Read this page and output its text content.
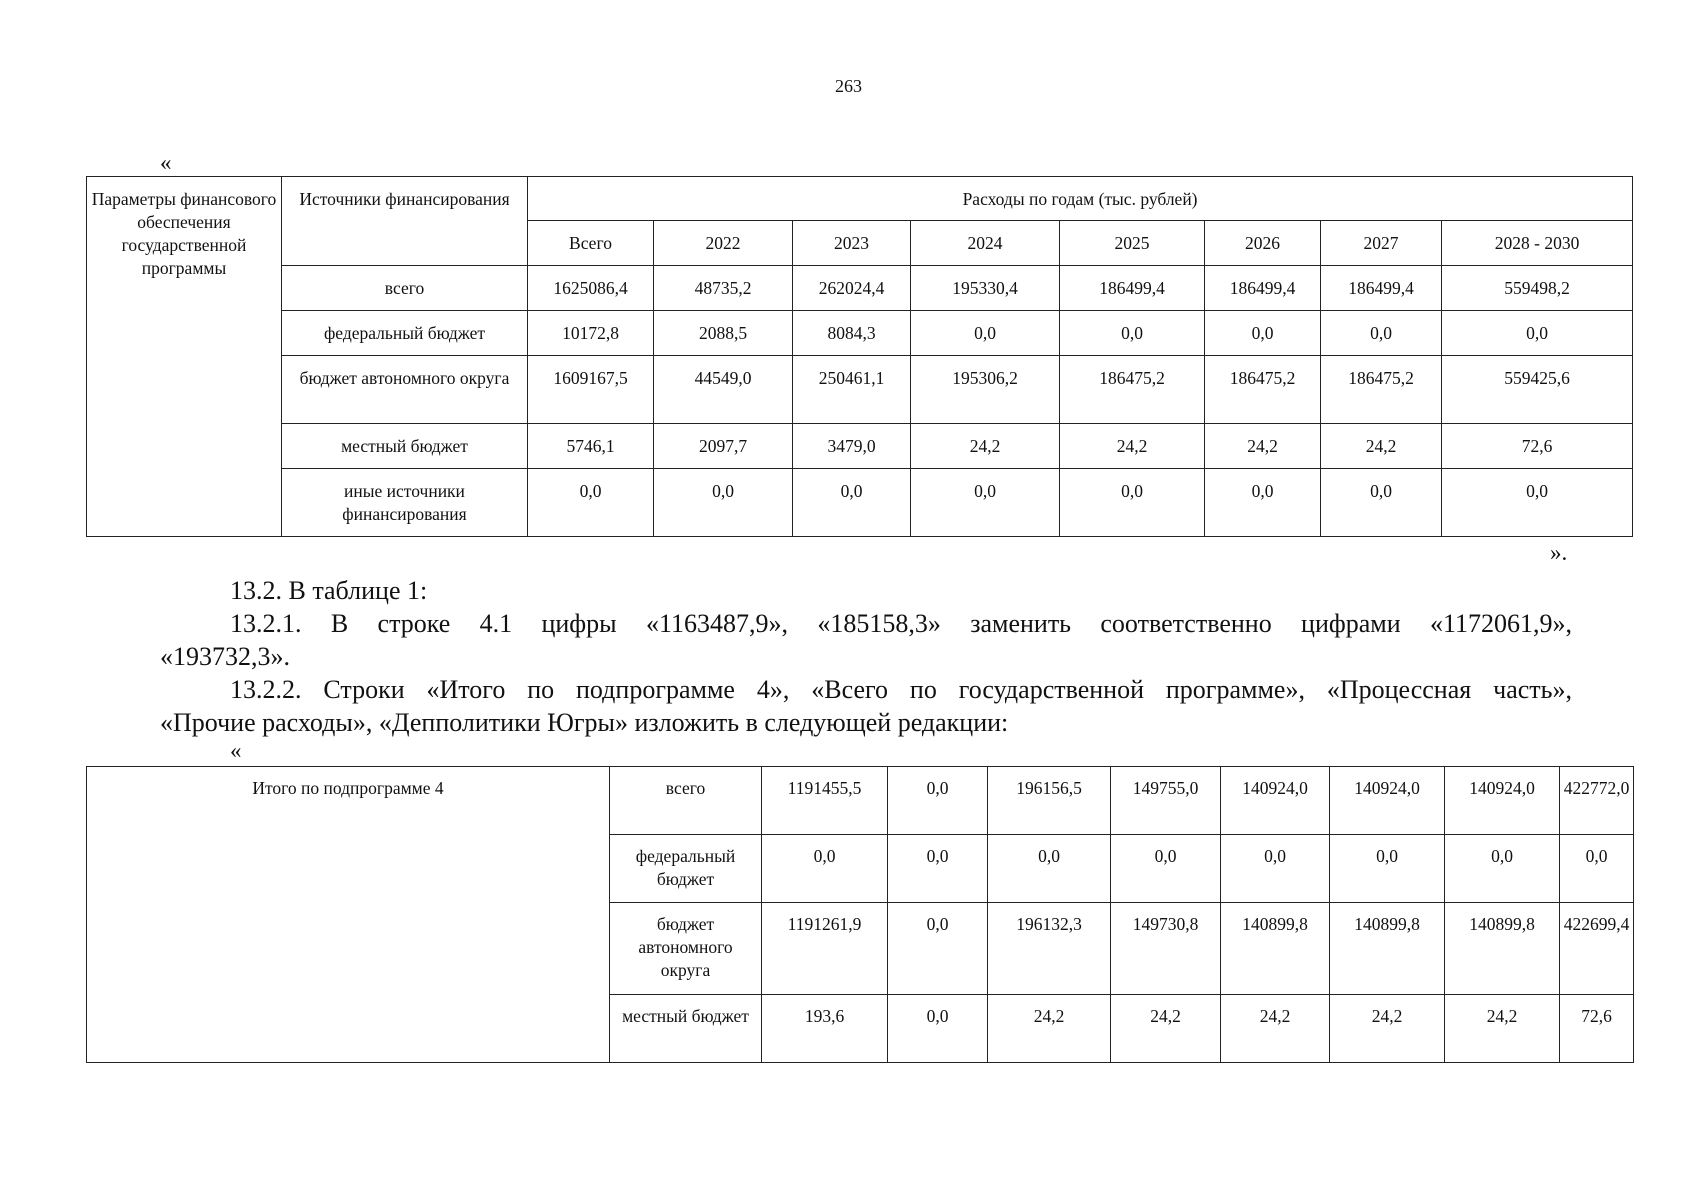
263
«
Параметры финансового обеспечения государственной программы	Источники финансирования	Расходы по годам (тыс. рублей)							
		Всего	2022	2023	2024	2025	2026	2027	2028 - 2030
	всего	1625086,4	48735,2	262024,4	195330,4	186499,4	186499,4	186499,4	559498,2
	федеральный бюджет	10172,8	2088,5	8084,3	0,0	0,0	0,0	0,0	0,0
	бюджет автономного округа	1609167,5	44549,0	250461,1	195306,2	186475,2	186475,2	186475,2	559425,6
	местный бюджет	5746,1	2097,7	3479,0	24,2	24,2	24,2	24,2	72,6
	иные источники финансирования	0,0	0,0	0,0	0,0	0,0	0,0	0,0	0,0
».
13.2. В таблице 1:
13.2.1. В строке 4.1 цифры «1163487,9», «185158,3» заменить соответственно цифрами «1172061,9»,
«193732,3».
13.2.2. Строки «Итого по подпрограмме 4», «Всего по государственной программе», «Процессная часть»,
«Прочие расходы», «Депполитики Югры» изложить в следующей редакции:
«
Итого по подпрограмме 4	всего	1191455,5	0,0	196156,5	149755,0	140924,0	140924,0	140924,0	422772,0
	федеральный бюджет	0,0	0,0	0,0	0,0	0,0	0,0	0,0	0,0
	бюджет автономного округа	1191261,9	0,0	196132,3	149730,8	140899,8	140899,8	140899,8	422699,4
	местный бюджет	193,6	0,0	24,2	24,2	24,2	24,2	24,2	72,6
